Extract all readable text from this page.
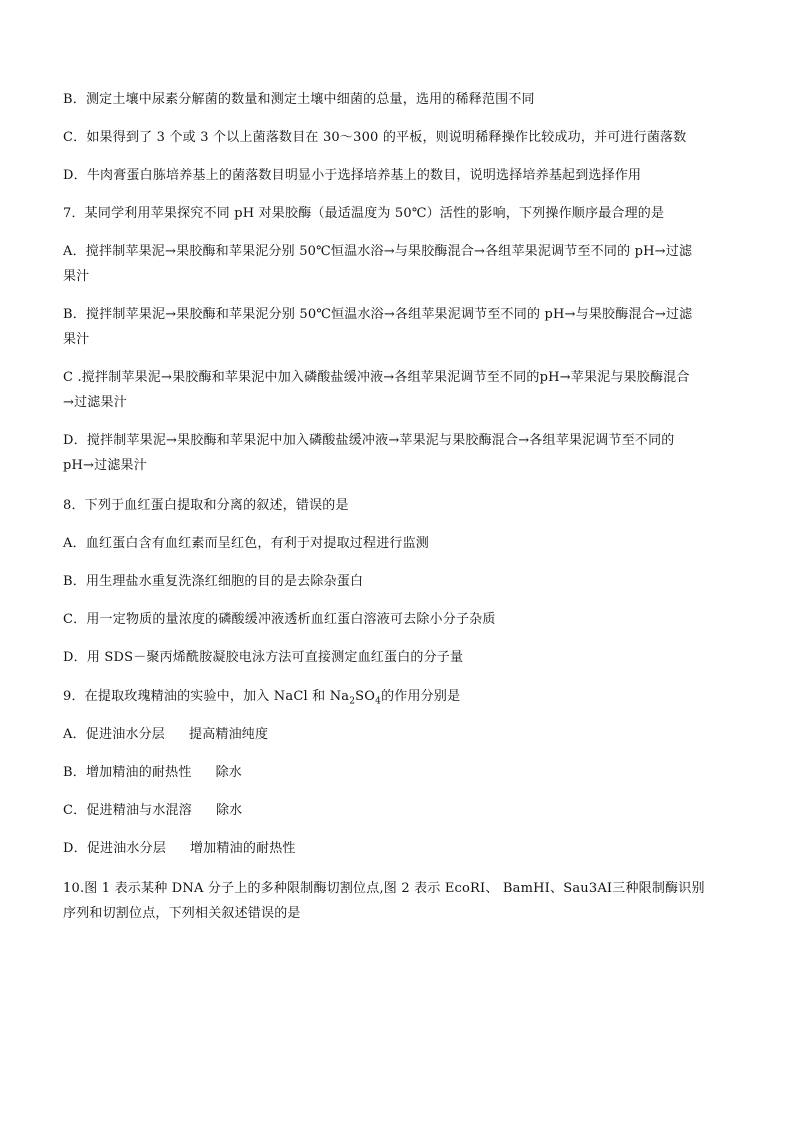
B．测定土壤中尿素分解菌的数量和测定土壤中细菌的总量，选用的稀释范围不同
C．如果得到了 3 个或 3 个以上菌落数目在 30～300 的平板，则说明稀释操作比较成功，并可进行菌落数
D．牛肉膏蛋白胨培养基上的菌落数目明显小于选择培养基上的数目，说明选择培养基起到选择作用
7．某同学利用苹果探究不同 pH 对果胶酶（最适温度为 50℃）活性的影响，下列操作顺序最合理的是
A．搅拌制苹果泥→果胶酶和苹果泥分别 50℃恒温水浴→与果胶酶混合→各组苹果泥调节至不同的 pH→过滤
果汁
B．搅拌制苹果泥→果胶酶和苹果泥分别 50℃恒温水浴→各组苹果泥调节至不同的 pH→与果胶酶混合→过滤
果汁
C .搅拌制苹果泥→果胶酶和苹果泥中加入磷酸盐缓冲液→各组苹果泥调节至不同的pH→苹果泥与果胶酶混合
→过滤果汁
D．搅拌制苹果泥→果胶酶和苹果泥中加入磷酸盐缓冲液→苹果泥与果胶酶混合→各组苹果泥调节至不同的
pH→过滤果汁
8．下列于血红蛋白提取和分离的叙述，错误的是
A．血红蛋白含有血红素而呈红色，有利于对提取过程进行监测
B．用生理盐水重复洗涤红细胞的目的是去除杂蛋白
C．用一定物质的量浓度的磷酸缓冲液透析血红蛋白溶液可去除小分子杂质
D．用 SDS－聚丙烯酰胺凝胶电泳方法可直接测定血红蛋白的分子量
9．在提取玫瑰精油的实验中，加入 NaCl 和 $Na_2SO_4$的作用分别是
A．促进油水分层 提高精油纯度
B．增加精油的耐热性 除水
C．促进精油与水混溶 除水
D．促进油水分层 增加精油的耐热性
10.图 1 表示某种 DNA 分子上的多种限制酶切割位点,图 2 表示 EcoRⅠ、 BamHⅠ、Sau3AⅠ三种限制酶识别
序列和切割位点，下列相关叙述错误的是
